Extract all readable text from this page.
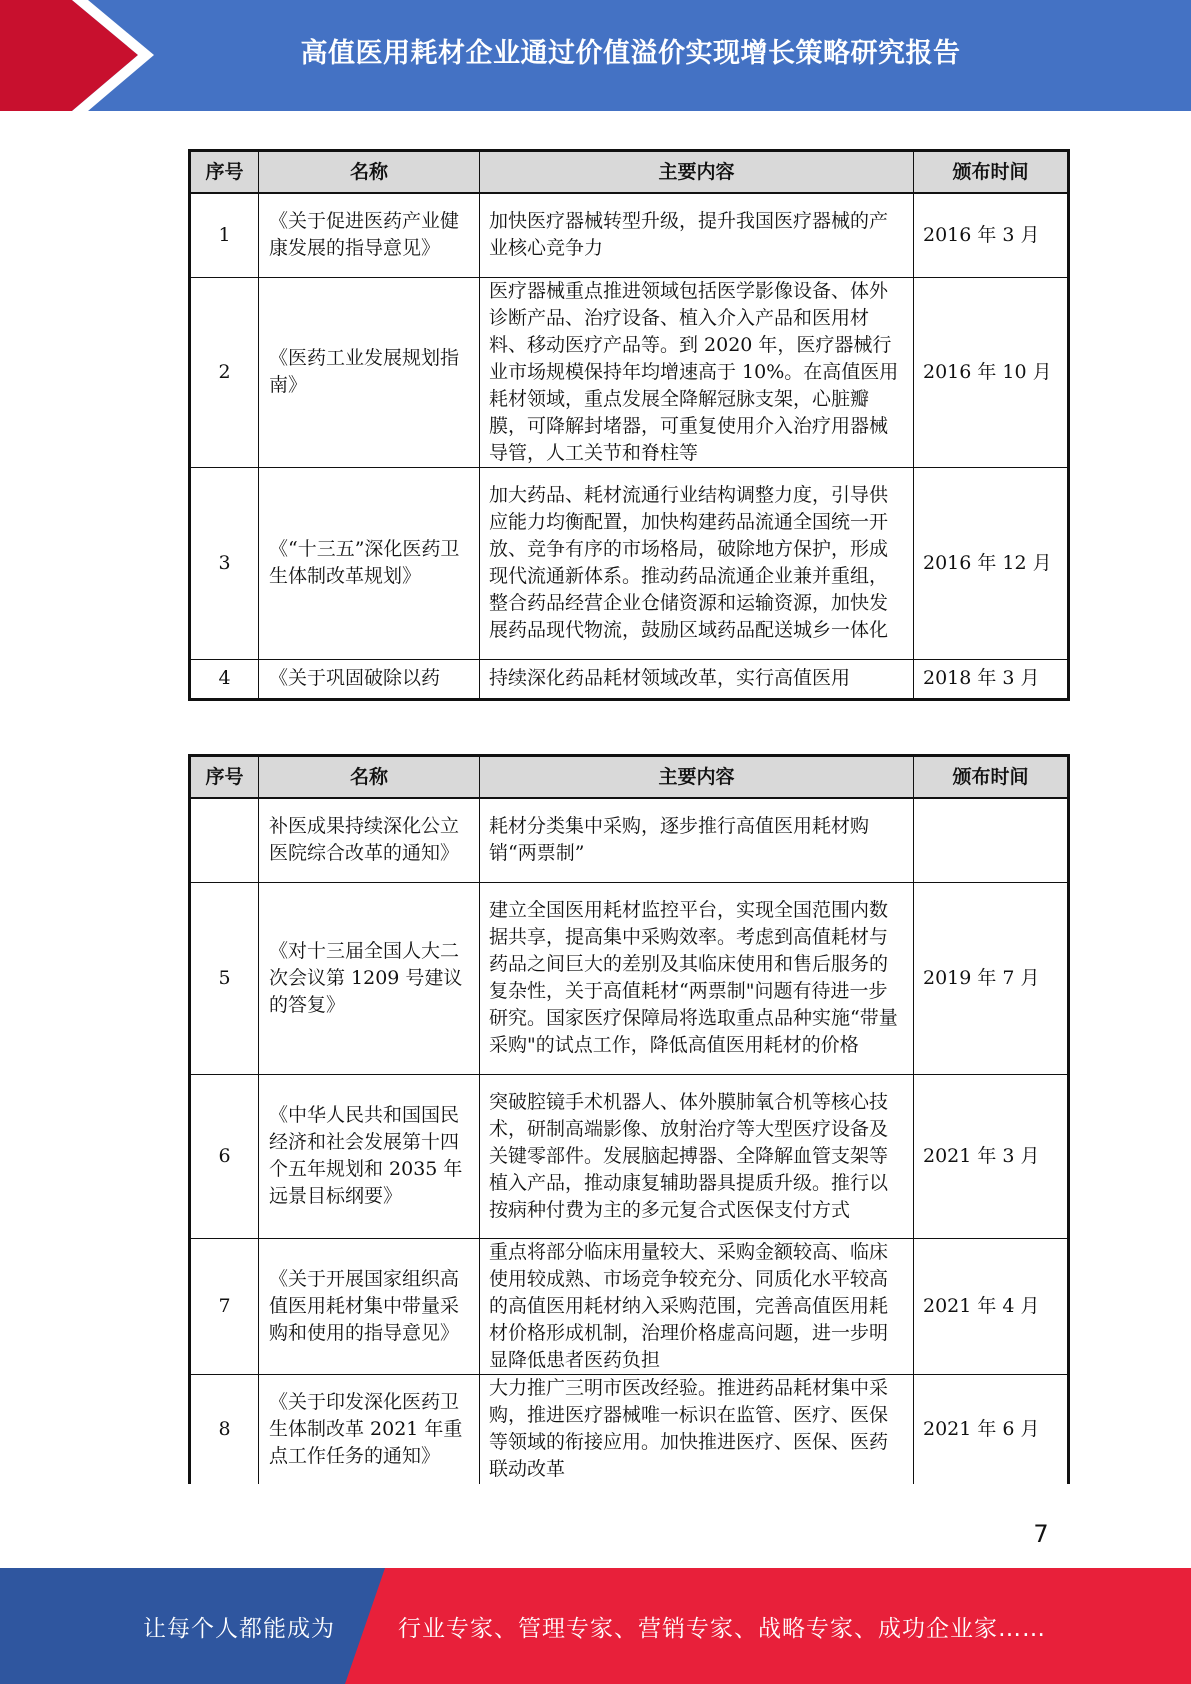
高值医用耗材企业通过价值溢价实现增长策略研究报告
序号	名称	主要内容	颁布时间
1	《关于促进医药产业健康发展的指导意见》	加快医疗器械转型升级，提升我国医疗器械的产业核心竞争力	2016 年 3 月
2	《医药工业发展规划指南》	医疗器械重点推进领域包括医学影像设备、体外诊断产品、治疗设备、植入介入产品和医用材料、移动医疗产品等。到 2020 年，医疗器械行业市场规模保持年均增速高于 10%。在高值医用耗材领域，重点发展全降解冠脉支架，心脏瓣膜，可降解封堵器，可重复使用介入治疗用器械导管，人工关节和脊柱等	2016 年 10 月
3	《“十三五”深化医药卫生体制改革规划》	加大药品、耗材流通行业结构调整力度，引导供应能力均衡配置，加快构建药品流通全国统一开放、竞争有序的市场格局，破除地方保护，形成现代流通新体系。推动药品流通企业兼并重组，整合药品经营企业仓储资源和运输资源，加快发展药品现代物流，鼓励区域药品配送城乡一体化	2016 年 12 月
4	《关于巩固破除以药	持续深化药品耗材领域改革，实行高值医用	2018 年 3 月
序号	名称	主要内容	颁布时间
	补医成果持续深化公立医院综合改革的通知》	耗材分类集中采购，逐步推行高值医用耗材购销“两票制”	
5	《对十三届全国人大二次会议第 1209 号建议的答复》	建立全国医用耗材监控平台，实现全国范围内数据共享，提高集中采购效率。考虑到高值耗材与药品之间巨大的差别及其临床使用和售后服务的复杂性，关于高值耗材“两票制"问题有待进一步研究。国家医疗保障局将选取重点品种实施“带量采购"的试点工作，降低高值医用耗材的价格	2019 年 7 月
6	《中华人民共和国国民经济和社会发展第十四个五年规划和 2035 年远景目标纲要》	突破腔镜手术机器人、体外膜肺氧合机等核心技术，研制高端影像、放射治疗等大型医疗设备及关键零部件。发展脑起搏器、全降解血管支架等植入产品，推动康复辅助器具提质升级。推行以按病种付费为主的多元复合式医保支付方式	2021 年 3 月
7	《关于开展国家组织高值医用耗材集中带量采购和使用的指导意见》	重点将部分临床用量较大、采购金额较高、临床使用较成熟、市场竞争较充分、同质化水平较高的高值医用耗材纳入采购范围，完善高值医用耗材价格形成机制，治理价格虚高问题，进一步明显降低患者医药负担	2021 年 4 月
8	《关于印发深化医药卫生体制改革 2021 年重点工作任务的通知》	大力推广三明市医改经验。推进药品耗材集中采购，推进医疗器械唯一标识在监管、医疗、医保等领域的衔接应用。加快推进医疗、医保、医药联动改革	2021 年 6 月
7
让每个人都能成为	行业专家、管理专家、营销专家、战略专家、成功企业家……
